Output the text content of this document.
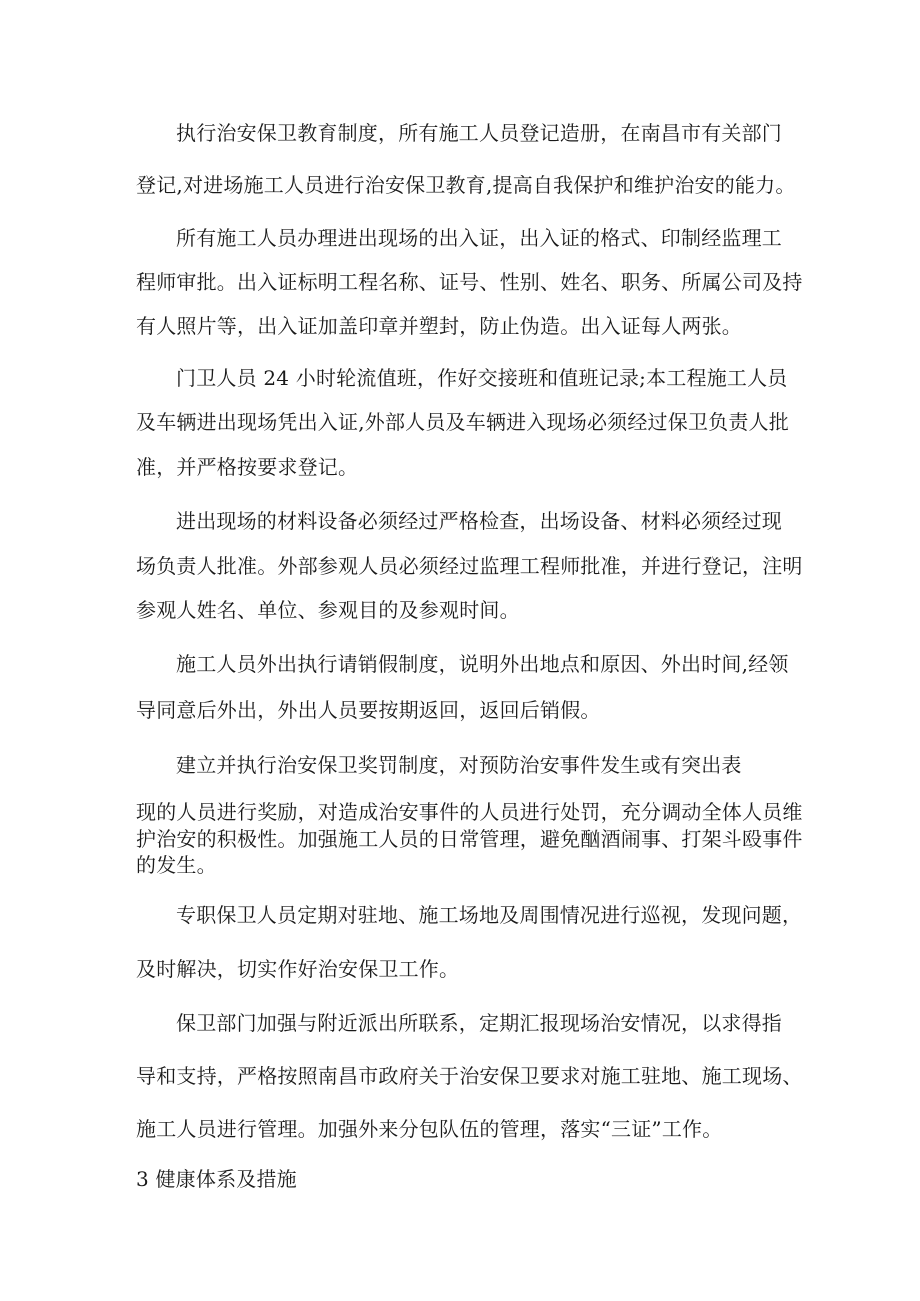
执行治安保卫教育制度，所有施工人员登记造册，在南昌市有关部门
登记,对进场施工人员进行治安保卫教育,提高自我保护和维护治安的能力。
所有施工人员办理进出现场的出入证，出入证的格式、印制经监理工
程师审批。出入证标明工程名称、证号、性别、姓名、职务、所属公司及持
有人照片等，出入证加盖印章并塑封，防止伪造。出入证每人两张。
门卫人员 24 小时轮流值班，作好交接班和值班记录;本工程施工人员
及车辆进出现场凭出入证,外部人员及车辆进入现场必须经过保卫负责人批
准，并严格按要求登记。
进出现场的材料设备必须经过严格检查，出场设备、材料必须经过现
场负责人批准。外部参观人员必须经过监理工程师批准，并进行登记，注明
参观人姓名、单位、参观目的及参观时间。
施工人员外出执行请销假制度，说明外出地点和原因、外出时间,经领
导同意后外出，外出人员要按期返回，返回后销假。
建立并执行治安保卫奖罚制度，对预防治安事件发生或有突出表
现的人员进行奖励，对造成治安事件的人员进行处罚，充分调动全体人员维
护治安的积极性。加强施工人员的日常管理，避免酗酒闹事、打架斗殴事件
的发生。
专职保卫人员定期对驻地、施工场地及周围情况进行巡视，发现问题，
及时解决，切实作好治安保卫工作。
保卫部门加强与附近派出所联系，定期汇报现场治安情况，以求得指
导和支持，严格按照南昌市政府关于治安保卫要求对施工驻地、施工现场、
施工人员进行管理。加强外来分包队伍的管理，落实“三证”工作。
3 健康体系及措施
